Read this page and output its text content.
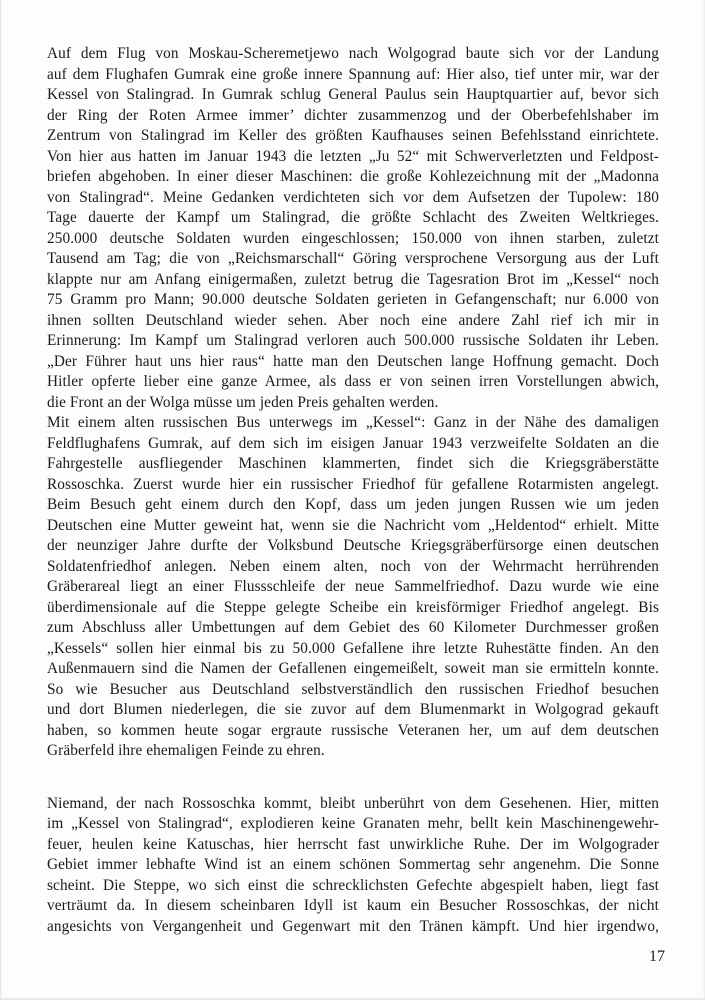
Auf dem Flug von Moskau-Scheremetjewo nach Wolgograd baute sich vor der Landung
auf dem Flughafen Gumrak eine große innere Spannung auf: Hier also, tief unter mir, war der
Kessel von Stalingrad. In Gumrak schlug General Paulus sein Hauptquartier auf, bevor sich
der Ring der Roten Armee immer’ dichter zusammenzog und der Oberbefehlshaber im
Zentrum von Stalingrad im Keller des größten Kaufhauses seinen Befehlsstand einrichtete.
Von hier aus hatten im Januar 1943 die letzten „Ju 52“ mit Schwerverletzten und Feldpost-
briefen abgehoben. In einer dieser Maschinen: die große Kohlezeichnung mit der „Madonna
von Stalingrad“. Meine Gedanken verdichteten sich vor dem Aufsetzen der Tupolew: 180
Tage dauerte der Kampf um Stalingrad, die größte Schlacht des Zweiten Weltkrieges.
250.000 deutsche Soldaten wurden eingeschlossen; 150.000 von ihnen starben, zuletzt
Tausend am Tag; die von „Reichsmarschall“ Göring versprochene Versorgung aus der Luft
klappte nur am Anfang einigermaßen, zuletzt betrug die Tagesration Brot im „Kessel“ noch
75 Gramm pro Mann; 90.000 deutsche Soldaten gerieten in Gefangenschaft; nur 6.000 von
ihnen sollten Deutschland wieder sehen. Aber noch eine andere Zahl rief ich mir in
Erinnerung: Im Kampf um Stalingrad verloren auch 500.000 russische Soldaten ihr Leben.
„Der Führer haut uns hier raus“ hatte man den Deutschen lange Hoffnung gemacht. Doch
Hitler opferte lieber eine ganze Armee, als dass er von seinen irren Vorstellungen abwich,
die Front an der Wolga müsse um jeden Preis gehalten werden.
Mit einem alten russischen Bus unterwegs im „Kessel“: Ganz in der Nähe des damaligen
Feldflughafens Gumrak, auf dem sich im eisigen Januar 1943 verzweifelte Soldaten an die
Fahrgestelle ausfliegender Maschinen klammerten, findet sich die Kriegsgräberstätte
Rossoschka. Zuerst wurde hier ein russischer Friedhof für gefallene Rotarmisten angelegt.
Beim Besuch geht einem durch den Kopf, dass um jeden jungen Russen wie um jeden
Deutschen eine Mutter geweint hat, wenn sie die Nachricht vom „Heldentod“ erhielt. Mitte
der neunziger Jahre durfte der Volksbund Deutsche Kriegsgräberfürsorge einen deutschen
Soldatenfriedhof anlegen. Neben einem alten, noch von der Wehrmacht herrührenden
Gräberareal liegt an einer Flussschleife der neue Sammelfriedhof. Dazu wurde wie eine
überdimensionale auf die Steppe gelegte Scheibe ein kreisförmiger Friedhof angelegt. Bis
zum Abschluss aller Umbettungen auf dem Gebiet des 60 Kilometer Durchmesser großen
„Kessels“ sollen hier einmal bis zu 50.000 Gefallene ihre letzte Ruhestätte finden. An den
Außenmauern sind die Namen der Gefallenen eingemeißelt, soweit man sie ermitteln konnte.
So wie Besucher aus Deutschland selbstverständlich den russischen Friedhof besuchen
und dort Blumen niederlegen, die sie zuvor auf dem Blumenmarkt in Wolgograd gekauft
haben, so kommen heute sogar ergraute russische Veteranen her, um auf dem deutschen
Gräberfeld ihre ehemaligen Feinde zu ehren.
Niemand, der nach Rossoschka kommt, bleibt unberührt von dem Gesehenen. Hier, mitten
im „Kessel von Stalingrad“, explodieren keine Granaten mehr, bellt kein Maschinengewehr-
feuer, heulen keine Katuschas, hier herrscht fast unwirkliche Ruhe. Der im Wolgograder
Gebiet immer lebhafte Wind ist an einem schönen Sommertag sehr angenehm. Die Sonne
scheint. Die Steppe, wo sich einst die schrecklichsten Gefechte abgespielt haben, liegt fast
verträumt da. In diesem scheinbaren Idyll ist kaum ein Besucher Rossoschkas, der nicht
angesichts von Vergangenheit und Gegenwart mit den Tränen kämpft. Und hier irgendwo,
17
